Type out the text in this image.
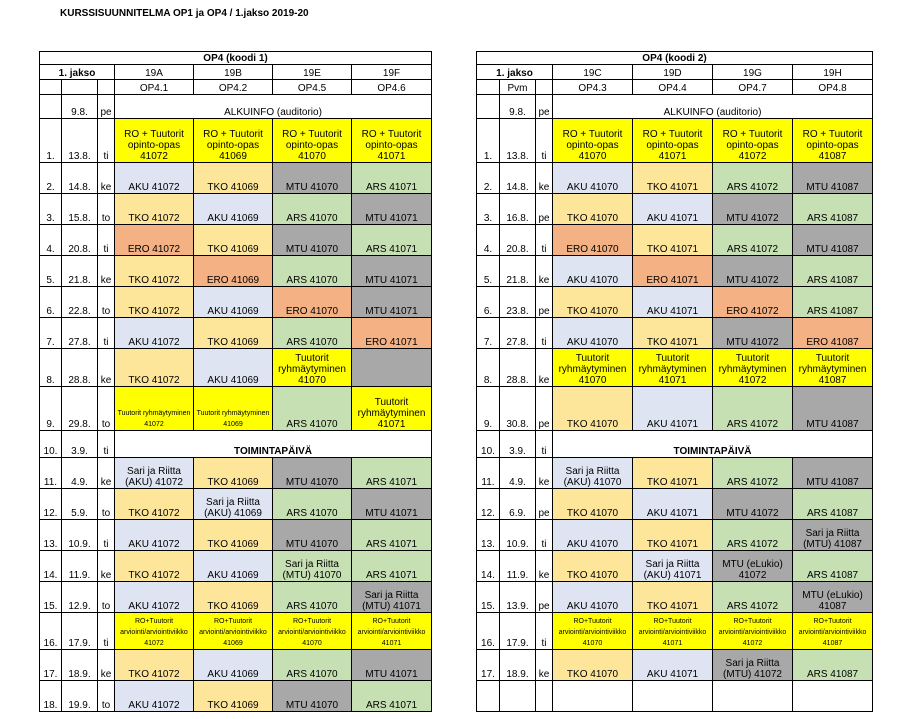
KURSSISUUNNITELMA OP1 ja OP4 / 1.jakso 2019-20
OP4 (koodi 1)						
1. jakso			19A	19B	19E	19F
			OP4.1	OP4.2	OP4.5	OP4.6
	9.8.	pe	ALKUINFO (auditorio)			
1.	13.8.	ti	RO + Tuutorit opinto-opas 41072	RO + Tuutorit opinto-opas 41069	RO + Tuutorit opinto-opas 41070	RO + Tuutorit opinto-opas 41071
2.	14.8.	ke	AKU 41072	TKO 41069	MTU 41070	ARS 41071
3.	15.8.	to	TKO 41072	AKU 41069	ARS 41070	MTU 41071
4.	20.8.	ti	ERO 41072	TKO 41069	MTU 41070	ARS 41071
5.	21.8.	ke	TKO 41072	ERO 41069	ARS 41070	MTU 41071
6.	22.8.	to	TKO 41072	AKU 41069	ERO 41070	MTU 41071
7.	27.8.	ti	AKU 41072	TKO 41069	ARS 41070	ERO 41071
8.	28.8.	ke	TKO 41072	AKU 41069	Tuutorit ryhmäytyminen 41070	
9.	29.8.	to	Tuutorit ryhmäytyminen 41072	Tuutorit ryhmäytyminen 41069	ARS 41070	Tuutorit ryhmäytyminen 41071
10.	3.9.	ti	TOIMINTAPÄIVÄ			
11.	4.9.	ke	Sari ja Riitta (AKU) 41072	TKO 41069	MTU 41070	ARS 41071
12.	5.9.	to	TKO 41072	Sari ja Riitta (AKU) 41069	ARS 41070	MTU 41071
13.	10.9.	ti	AKU 41072	TKO 41069	MTU 41070	ARS 41071
14.	11.9.	ke	TKO 41072	AKU 41069	Sari ja Riitta (MTU) 41070	ARS 41071
15.	12.9.	to	AKU 41072	TKO 41069	ARS 41070	Sari ja Riitta (MTU) 41071
16.	17.9.	ti	RO+Tuutorit arviointi/arviointiviikko 41072	RO+Tuutorit arviointi/arviointiviikko 41069	RO+Tuutorit arviointi/arviointiviikko 41070	RO+Tuutorit arviointi/arviointiviikko 41071
17.	18.9.	ke	TKO 41072	AKU 41069	ARS 41070	MTU 41071
18.	19.9.	to	AKU 41072	TKO 41069	MTU 41070	ARS 41071
OP4 (koodi 2)						
1. jakso			19C	19D	19G	19H
	Pvm		OP4.3	OP4.4	OP4.7	OP4.8
	9.8.	pe	ALKUINFO (auditorio)			
1.	13.8.	ti	RO + Tuutorit opinto-opas 41070	RO + Tuutorit opinto-opas 41071	RO + Tuutorit opinto-opas 41072	RO + Tuutorit opinto-opas 41087
2.	14.8.	ke	AKU 41070	TKO 41071	ARS 41072	MTU 41087
3.	16.8.	pe	TKO 41070	AKU 41071	MTU 41072	ARS 41087
4.	20.8.	ti	ERO 41070	TKO 41071	ARS 41072	MTU 41087
5.	21.8.	ke	AKU 41070	ERO 41071	MTU 41072	ARS 41087
6.	23.8.	pe	TKO 41070	AKU 41071	ERO 41072	ARS 41087
7.	27.8.	ti	AKU 41070	TKO 41071	MTU 41072	ERO 41087
8.	28.8.	ke	Tuutorit ryhmäytyminen 41070	Tuutorit ryhmäytyminen 41071	Tuutorit ryhmäytyminen 41072	Tuutorit ryhmäytyminen 41087
9.	30.8.	pe	TKO 41070	AKU 41071	ARS 41072	MTU 41087
10.	3.9.	ti	TOIMINTAPÄIVÄ			
11.	4.9.	ke	Sari ja Riitta (AKU) 41070	TKO 41071	ARS 41072	MTU 41087
12.	6.9.	pe	TKO 41070	AKU 41071	MTU 41072	ARS 41087
13.	10.9.	ti	AKU 41070	TKO 41071	ARS 41072	Sari ja Riitta (MTU) 41087
14.	11.9.	ke	TKO 41070	Sari ja Riitta (AKU) 41071	MTU (eLukio) 41072	ARS 41087
15.	13.9.	pe	AKU 41070	TKO 41071	ARS 41072	MTU (eLukio) 41087
16.	17.9.	ti	RO+Tuutorit arviointi/arviointiviikko 41070	RO+Tuutorit arviointi/arviointiviikko 41071	RO+Tuutorit arviointi/arviointiviikko 41072	RO+Tuutorit arviointi/arviointiviikko 41087
17.	18.9.	ke	TKO 41070	AKU 41071	Sari ja Riitta (MTU) 41072	ARS 41087
